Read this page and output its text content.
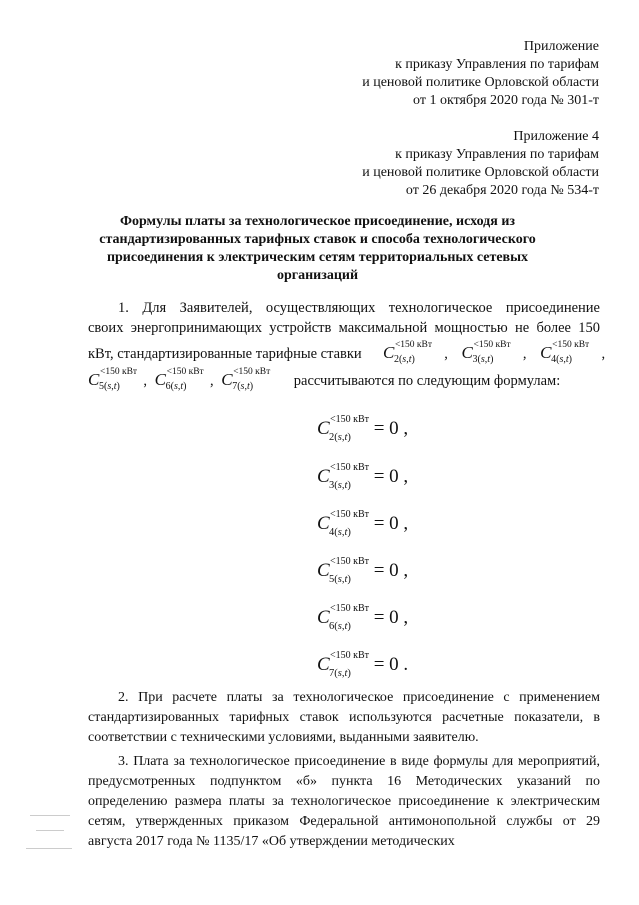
Приложение
к приказу Управления по тарифам
и ценовой политике Орловской области
от 1 октября 2020 года № 301-т
Приложение 4
к приказу Управления по тарифам
и ценовой политике Орловской области
от 26 декабря 2020 года № 534-т
Формулы платы за технологическое присоединение, исходя из стандартизированных тарифных ставок и способа технологического присоединения к электрическим сетям территориальных сетевых организаций
1. Для Заявителей, осуществляющих технологическое присоединение
своих энергопринимающих устройств максимальной мощностью не более 150
кВт, стандартизированные тарифные ставки C <150 кВт
2(s,t) , C <150 кВт
3(s,t) , C <150 кВт
4(s,t) ,
C <150 кВт
5(s,t) , C <150 кВт
6(s,t) , C <150 кВт
7(s,t)	рассчитываются по следующим формулам:
C <150 кВт
2(s,t) = 0 ,
C <150 кВт
3(s,t) = 0 ,
C <150 кВт
4(s,t) = 0 ,
C <150 кВт
5(s,t) = 0 ,
C <150 кВт
6(s,t) = 0 ,
C <150 кВт
7(s,t) = 0 .
2. При расчете платы за технологическое присоединение с применением стандартизированных тарифных ставок используются расчетные показатели, в соответствии с техническими условиями, выданными заявителю.
3. Плата за технологическое присоединение в виде формулы для мероприятий, предусмотренных подпунктом «б» пункта 16 Методических указаний по определению размера платы за технологическое присоединение к электрическим сетям, утвержденных приказом Федеральной антимонопольной службы от 29 августа 2017 года № 1135/17 «Об утверждении методических
